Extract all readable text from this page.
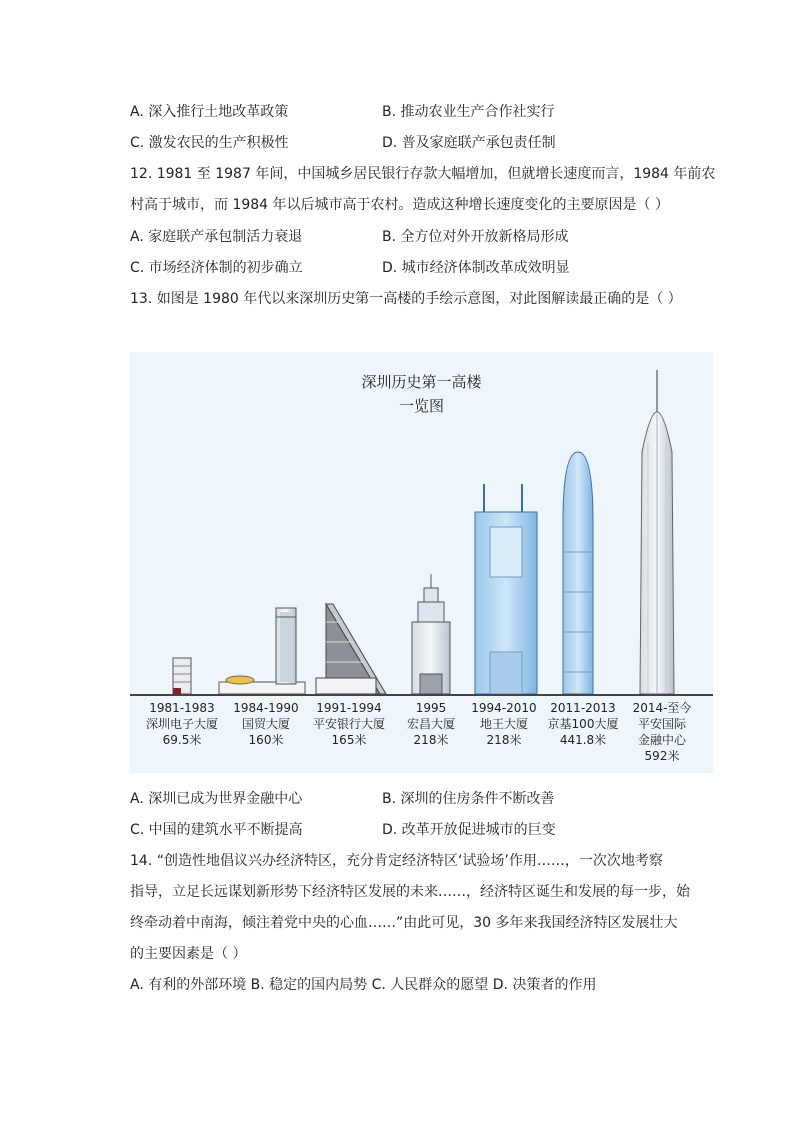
A. 深入推行土地改革政策	B. 推动农业生产合作社实行
C. 激发农民的生产积极性	D. 普及家庭联产承包责任制
12. 1981 至 1987 年间，中国城乡居民银行存款大幅增加，但就增长速度而言，1984 年前农
村高于城市，而 1984 年以后城市高于农村。造成这种增长速度变化的主要原因是（ ）
A. 家庭联产承包制活力衰退	B. 全方位对外开放新格局形成
C. 市场经济体制的初步确立	D. 城市经济体制改革成效明显
13. 如图是 1980 年代以来深圳历史第一高楼的手绘示意图，对此图解读最正确的是（ ）
深圳历史第一高楼
一览图
1981-1983
深圳电子大厦
69.5米
1984-1990
国贸大厦
160米
1991-1994
平安银行大厦
165米
1995
宏昌大厦
218米
1994-2010
地王大厦
218米
2011-2013
京基100大厦
441.8米
2014-至今
平安国际
金融中心
592米
A. 深圳已成为世界金融中心	B. 深圳的住房条件不断改善
C. 中国的建筑水平不断提高	D. 改革开放促进城市的巨变
14. “创造性地倡议兴办经济特区，充分肯定经济特区‘试验场’作用……，一次次地考察
指导，立足长远谋划新形势下经济特区发展的未来……，经济特区诞生和发展的每一步，始
终牵动着中南海，倾注着党中央的心血……”由此可见，30 多年来我国经济特区发展壮大
的主要因素是（ ）
A. 有利的外部环境 B. 稳定的国内局势 C. 人民群众的愿望 D. 决策者的作用
